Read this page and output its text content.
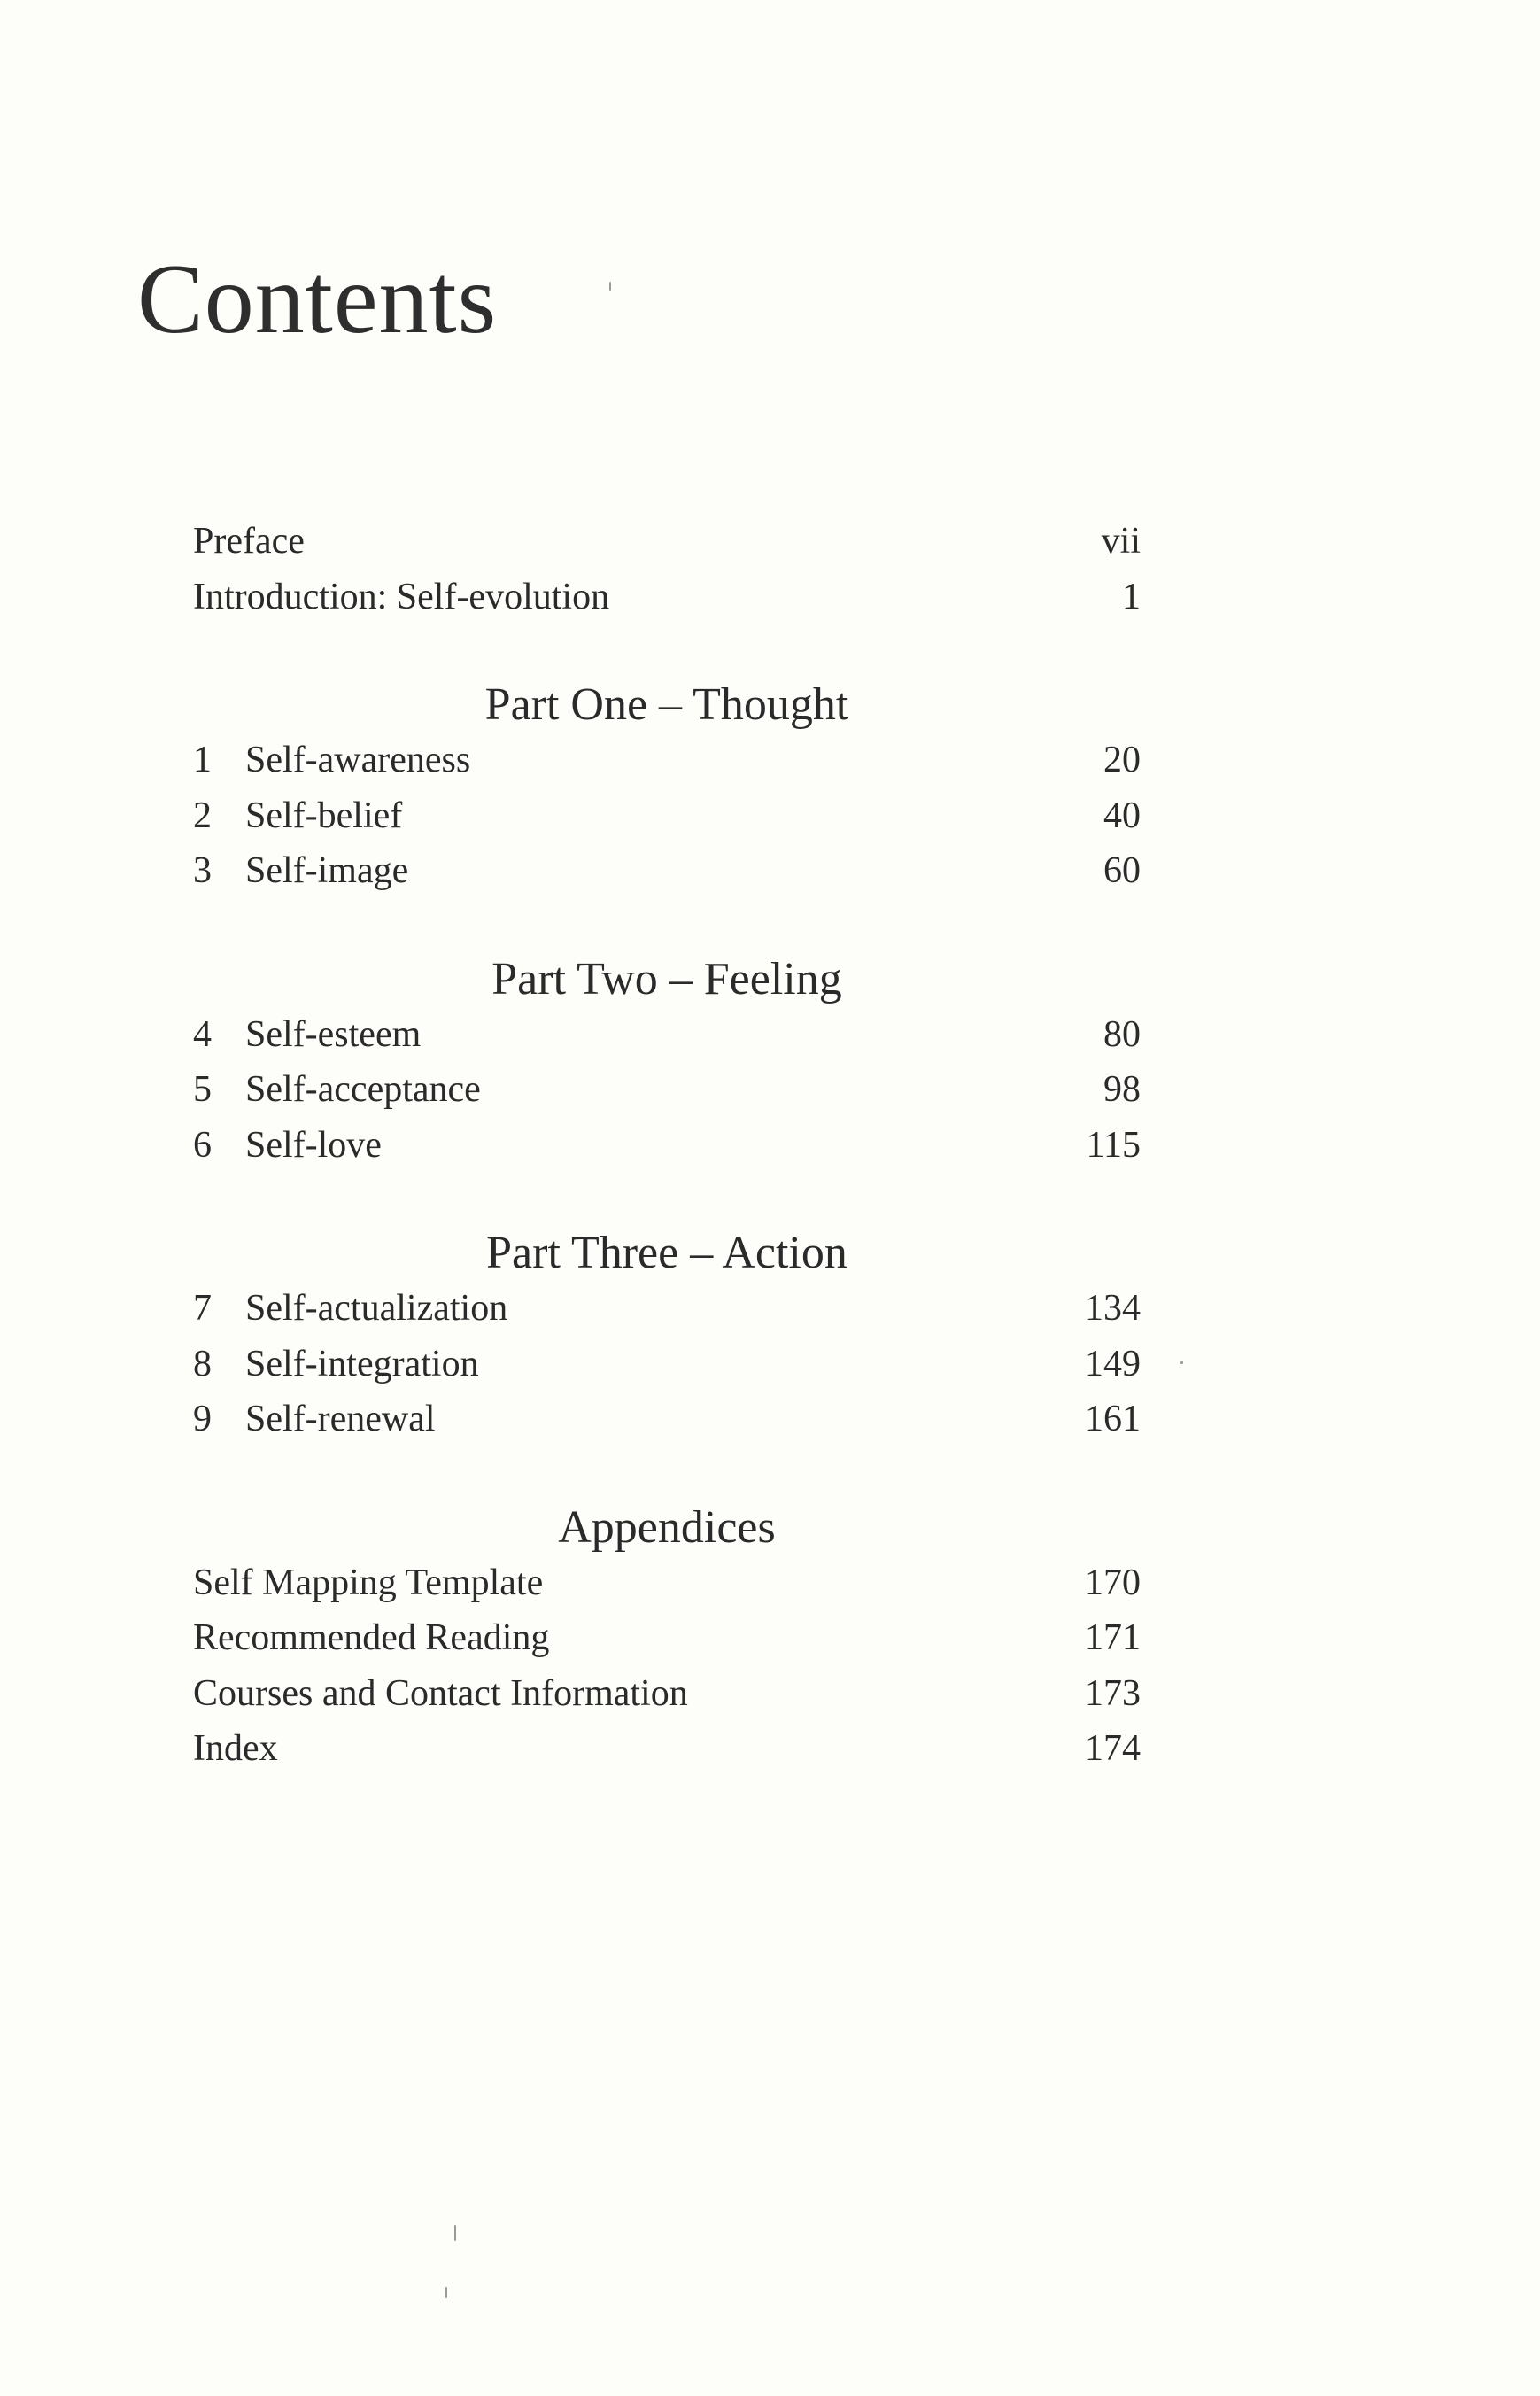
Contents
Preface	vii
Introduction: Self-evolution	1
Part One – Thought
1 Self-awareness	20
2 Self-belief	40
3 Self-image	60
Part Two – Feeling
4 Self-esteem	80
5 Self-acceptance	98
6 Self-love	115
Part Three – Action
7 Self-actualization	134
8 Self-integration	149
9 Self-renewal	161
Appendices
Self Mapping Template	170
Recommended Reading	171
Courses and Contact Information	173
Index	174
